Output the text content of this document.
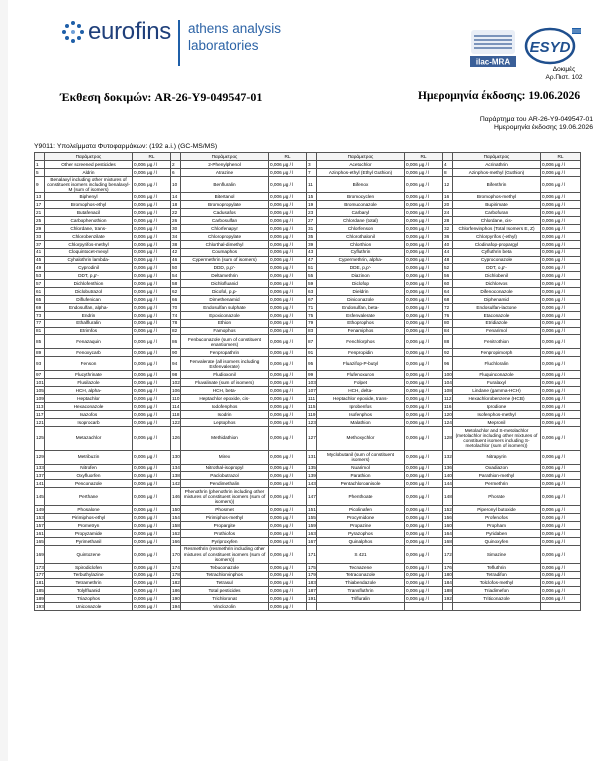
eurofins athens analysis
laboratories
ilac-MRA
ESYD
Δοκιμές
Αρ.Πιστ. 102
Έκθεση δοκιμών: AR-26-Y9-049547-01	Ημερομηνία έκδοσης: 19.06.2026
Παράρτημα του AR-26-Y9-049547-01
Ημερομηνία έκδοσης 19.06.2026
Y9011: Υπολείμματα Φυτοφαρμάκων: (192 a.i.) (GC-MS/MS)
	Παράμετρος	RL		Παράμετρος	RL		Παράμετρος	RL		Παράμετρος	RL
1	Other screened pesticides	0,006 μg / l	2	2-Phenylphenol	0,006 μg / l	3	Acetochlor	0,006 μg / l	4	Acrinathrin	0,006 μg / l
5	Aldrin	0,006 μg / l	6	Atrazine	0,006 μg / l	7	Azinphos-ethyl (Ethyl Guthion)	0,006 μg / l	8	Azinphos-methyl (Guthion)	0,006 μg / l
9	Benalaxyl including other mixtures of constituent isomers including benalaxyl-M (sum of isomers)	0,006 μg / l	10	Benfluralin	0,006 μg / l	11	Bifenox	0,006 μg / l	12	Bifenthrin	0,006 μg / l
13	Biphenyl	0,006 μg / l	14	Bitertanol	0,006 μg / l	15	Bromocyclen	0,006 μg / l	16	Bromophos-methyl	0,006 μg / l
17	Bromophos-ethyl	0,006 μg / l	18	Bromopropylate	0,006 μg / l	19	Bromuconazole	0,006 μg / l	20	Bupirimate	0,006 μg / l
21	Butafenacil	0,006 μg / l	22	Cadusafos	0,006 μg / l	23	Carbaryl	0,006 μg / l	24	Carbofuran	0,006 μg / l
25	Carbophenothion	0,006 μg / l	26	Carbosulfan	0,006 μg / l	27	Chlordane (total)	0,006 μg / l	28	Chlordane, cis-	0,006 μg / l
29	Chlordane, trans-	0,006 μg / l	30	Chlorfenapyr	0,006 μg / l	31	Chlorfenson	0,006 μg / l	32	Chlorfenvinphos (Total Isomers E, Z)	0,006 μg / l
33	Chlorobenzilate	0,006 μg / l	34	Chloropropylate	0,006 μg / l	35	Chlorothalonil	0,006 μg / l	36	Chlorpyrifos (-ethyl)	0,006 μg / l
37	Chlorpyrifos-methyl	0,006 μg / l	38	Chlorthal-dimethyl	0,006 μg / l	39	Chlorthion	0,006 μg / l	40	Clodinafop-propargyl	0,006 μg / l
41	Cloquintocet-mexyl	0,006 μg / l	42	Coumaphos	0,006 μg / l	43	Cyfluthrin	0,006 μg / l	44	Cyfluthrin beta	0,006 μg / l
45	Cyhalothrin lambda-	0,006 μg / l	46	Cypermethrin (sum of isomers)	0,006 μg / l	47	Cypermethrin, alpha-	0,006 μg / l	48	Cyproconazole	0,006 μg / l
49	Cyprodinil	0,006 μg / l	50	DDD, p,p'-	0,006 μg / l	51	DDE, p,p'-	0,006 μg / l	52	DDT, o,p'-	0,006 μg / l
53	DDT, p,p'-	0,006 μg / l	54	Deltamethrin	0,006 μg / l	55	Diazinon	0,006 μg / l	56	Dichlobenil	0,006 μg / l
57	Dichlofenthion	0,006 μg / l	58	Dichlofluanid	0,006 μg / l	59	Diclofop	0,006 μg / l	60	Dichlorvos	0,006 μg / l
61	Diclobutrazol	0,006 μg / l	62	Dicofol, p,p-	0,006 μg / l	63	Dieldrin	0,006 μg / l	64	Difenoconazole	0,006 μg / l
65	Diflufenican	0,006 μg / l	66	Dimethenamid	0,006 μg / l	67	Diniconazole	0,006 μg / l	68	Diphenamid	0,006 μg / l
69	Endosulfan, alpha-	0,006 μg / l	70	Endosulfan sulphate	0,006 μg / l	71	Endosulfan, beta-	0,006 μg / l	72	Endosulfan-lactone	0,006 μg / l
73	Endrin	0,006 μg / l	74	Epoxiconazole	0,006 μg / l	75	Esfenvalerate	0,006 μg / l	76	Etaconazole	0,006 μg / l
77	Ethalfluralin	0,006 μg / l	78	Ethion	0,006 μg / l	79	Ethoprophos	0,006 μg / l	80	Etridiazole	0,006 μg / l
81	Etrimfos	0,006 μg / l	82	Famophos	0,006 μg / l	83	Fenamiphos	0,006 μg / l	84	Fenarimol	0,006 μg / l
85	Fenazaquin	0,006 μg / l	86	Fenbuconazole (sum of constituent enantiomers)	0,006 μg / l	87	Fenchlorphos	0,006 μg / l	88	Fenitrothion	0,006 μg / l
89	Fenoxycarb	0,006 μg / l	90	Fenpropathrin	0,006 μg / l	91	Fenpropidin	0,006 μg / l	92	Fenpropimorph	0,006 μg / l
93	Fenson	0,006 μg / l	94	Fenvalerate (all isomers including Esfenvalerate)	0,006 μg / l	95	Fluazifop-P-butyl	0,006 μg / l	96	Fluchloralin	0,006 μg / l
97	Flucythrinate	0,006 μg / l	98	Fludioxonil	0,006 μg / l	99	Flufenoxuron	0,006 μg / l	100	Fluquinconazole	0,006 μg / l
101	Flusilazole	0,006 μg / l	102	Fluvalinate (sum of isomers)	0,006 μg / l	103	Folpet	0,006 μg / l	104	Furalaxyl	0,006 μg / l
105	HCH, alpha-	0,006 μg / l	106	HCH, beta-	0,006 μg / l	107	HCH, delta-	0,006 μg / l	108	Lindane (gamma-HCH)	0,006 μg / l
109	Heptachlor	0,006 μg / l	110	Heptachlor epoxide, cis-	0,006 μg / l	111	Heptachlor epoxide, trans-	0,006 μg / l	112	Hexachlorobenzene (HCB)	0,006 μg / l
113	Hexaconazole	0,006 μg / l	114	Iodofenphos	0,006 μg / l	115	Iprobenfos	0,006 μg / l	116	Iprodione	0,006 μg / l
117	Isazofos	0,006 μg / l	118	Isodrin	0,006 μg / l	119	Isofenphos	0,006 μg / l	120	Isofenphos-methyl	0,006 μg / l
121	Isoprocarb	0,006 μg / l	122	Leptophos	0,006 μg / l	123	Malathion	0,006 μg / l	124	Mepronil	0,006 μg / l
125	Metazachlor	0,006 μg / l	126	Methidathion	0,006 μg / l	127	Methoxychlor	0,006 μg / l	128	Metolachlor and S-metolachlor (metolachlor including other mixtures of constituent isomers including S-metolachlor (sum of isomers))	0,006 μg / l
129	Metribuzin	0,006 μg / l	130	Mirex	0,006 μg / l	131	Myclobutanil (sum of constituent isomers)	0,006 μg / l	132	Nitrapyrin	0,006 μg / l
133	Nitrofen	0,006 μg / l	134	Nitrothal-isopropyl	0,006 μg / l	135	Nuarimol	0,006 μg / l	136	Oxadiazon	0,006 μg / l
137	Oxyfluorfen	0,006 μg / l	138	Paclobutrazol	0,006 μg / l	139	Parathion	0,006 μg / l	140	Parathion-methyl	0,006 μg / l
141	Penconazole	0,006 μg / l	142	Pendimethalin	0,006 μg / l	143	Pentachloroanisole	0,006 μg / l	144	Permethrin	0,006 μg / l
145	Perthane	0,006 μg / l	146	Phenothrin (phenothrin including other mixtures of constituent isomers (sum of isomers))	0,006 μg / l	147	Phenthoate	0,006 μg / l	148	Phorate	0,006 μg / l
149	Phosalone	0,006 μg / l	150	Phosmet	0,006 μg / l	151	Picolinafen	0,006 μg / l	152	Piperonyl butoxide	0,006 μg / l
153	Pirimiphos-ethyl	0,006 μg / l	154	Pirimiphos-methyl	0,006 μg / l	155	Procymidone	0,006 μg / l	156	Profenofos	0,006 μg / l
157	Prometryn	0,006 μg / l	158	Propargite	0,006 μg / l	159	Propazine	0,006 μg / l	160	Propham	0,006 μg / l
161	Propyzamide	0,006 μg / l	162	Prothiofos	0,006 μg / l	163	Pyrazophos	0,006 μg / l	164	Pyridaben	0,006 μg / l
165	Pyrimethanil	0,006 μg / l	166	Pyriproxyfen	0,006 μg / l	167	Quinalphos	0,006 μg / l	168	Quinoxyfen	0,006 μg / l
169	Quintozene	0,006 μg / l	170	Resmethrin (resmethrin including other mixtures of constituent isomers (sum of isomers))	0,006 μg / l	171	S 421	0,006 μg / l	172	Simazine	0,006 μg / l
173	Spirodiclofen	0,006 μg / l	174	Tebuconazole	0,006 μg / l	175	Tecnazene	0,006 μg / l	176	Tefluthrin	0,006 μg / l
177	Terbuthylazine	0,006 μg / l	178	Tetrachlorvinphos	0,006 μg / l	179	Tetraconazole	0,006 μg / l	180	Tetradifon	0,006 μg / l
181	Tetramethrin	0,006 μg / l	182	Tetrasul	0,006 μg / l	183	Thiabendazole	0,006 μg / l	184	Tolclofos-methyl	0,006 μg / l
185	Tolylfluanid	0,006 μg / l	186	Total pesticides	0,006 μg / l	187	Transfluthrin	0,006 μg / l	188	Triadimefon	0,006 μg / l
189	Triazophos	0,006 μg / l	190	Trichloronat	0,006 μg / l	191	Trifluralin	0,006 μg / l	192	Triticonazole	0,006 μg / l
193	Uniconazole	0,006 μg / l	194	Vinclozolin	0,006 μg / l						
